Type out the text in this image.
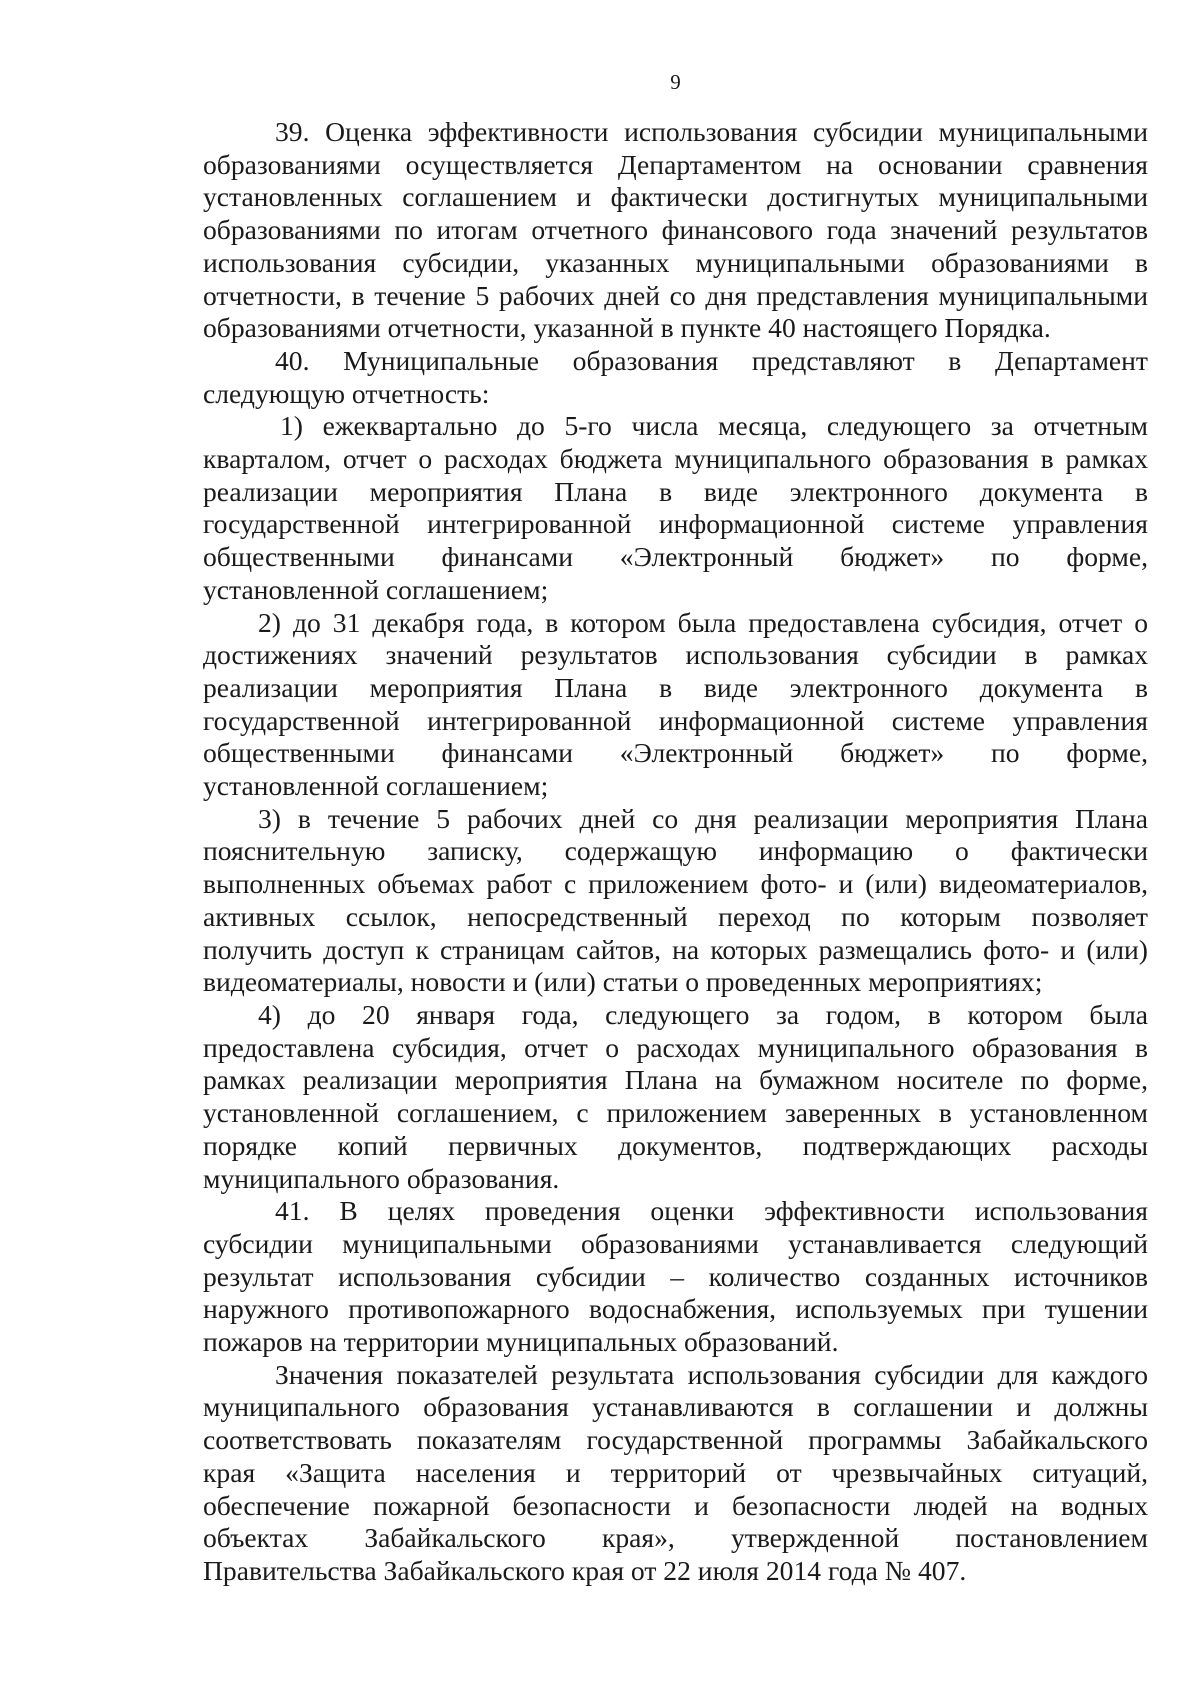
9

39. Оценка эффективности использования субсидии муниципальными
образованиями осуществляется Департаментом на основании сравнения
установленных соглашением и фактически достигнутых муниципальными
образованиями по итогам отчетного финансового года значений результатов
использования субсидии, указанных муниципальными образованиями в
отчетности, в течение 5 рабочих дней со дня представления муниципальными
образованиями отчетности, указанной в пункте 40 настоящего Порядка.

40. Муниципальные образования представляют в Департамент
следующую отчетность:

1) ежеквартально до 5-го числа месяца, следующего за отчетным
кварталом, отчет о расходах бюджета муниципального образования в рамках
реализации мероприятия Плана в виде электронного документа в
государственной интегрированной информационной системе управления
общественными финансами «Электронный бюджет» по форме,
установленной соглашением;

2) до 31 декабря года, в котором была предоставлена субсидия, отчет о
достижениях значений результатов использования субсидии в рамках
реализации мероприятия Плана в виде электронного документа в
государственной интегрированной информационной системе управления
общественными финансами «Электронный бюджет» по форме,
установленной соглашением;

3) в течение 5 рабочих дней со дня реализации мероприятия Плана
пояснительную записку, содержащую информацию о фактически
выполненных объемах работ с приложением фото- и (или) видеоматериалов,
активных ссылок, непосредственный переход по которым позволяет
получить доступ к страницам сайтов, на которых размещались фото- и (или)
видеоматериалы, новости и (или) статьи о проведенных мероприятиях;

4) до 20 января года, следующего за годом, в котором была
предоставлена субсидия, отчет о расходах муниципального образования в
рамках реализации мероприятия Плана на бумажном носителе по форме,
установленной соглашением, с приложением заверенных в установленном
порядке копий первичных документов, подтверждающих расходы
муниципального образования.

41. В целях проведения оценки эффективности использования
субсидии муниципальными образованиями устанавливается следующий
результат использования субсидии – количество созданных источников
наружного противопожарного водоснабжения, используемых при тушении
пожаров на территории муниципальных образований.

Значения показателей результата использования субсидии для каждого
муниципального образования устанавливаются в соглашении и должны
соответствовать показателям государственной программы Забайкальского
края «Защита населения и территорий от чрезвычайных ситуаций,
обеспечение пожарной безопасности и безопасности людей на водных
объектах Забайкальского края», утвержденной постановлением
Правительства Забайкальского края от 22 июля 2014 года № 407.
